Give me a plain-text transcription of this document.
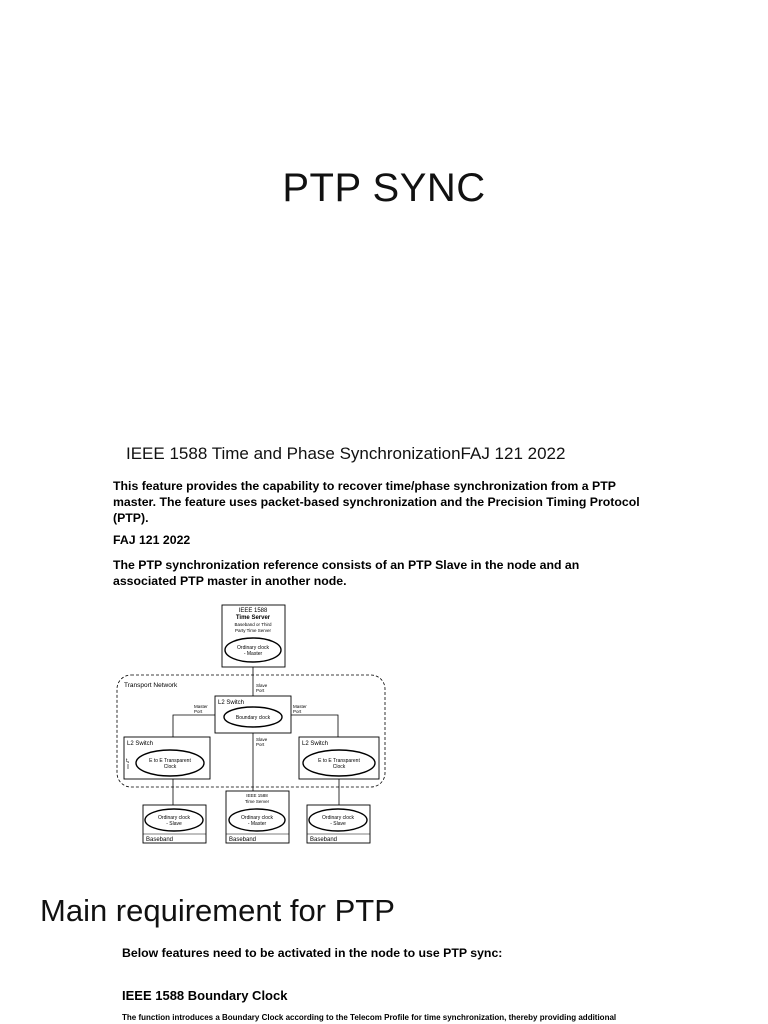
PTP SYNC
IEEE 1588 Time and Phase SynchronizationFAJ 121 2022
This feature provides the capability to recover time/phase synchronization from a PTP master. The feature uses packet-based synchronization and the Precision Timing Protocol (PTP).
FAJ 121 2022
The PTP synchronization reference consists of an PTP Slave in the node and an associated PTP master in another node.
Transport Network
IEEE 1588
Time Server
Baseband or Third
Party Time Server
Ordinary clock
- Master
Slave
Port
L2 Switch
Boundary clock
Master
Port
Master
Port
Slave
Port
L2 Switch
$t_s$	E to E Transparent
Clock
L2 Switch
E to E Transparent
Clock
Ordinary clock
- Slave
Baseband
IEEE 1588
Time Server
Ordinary clock
- Master
Baseband
Ordinary clock
- Slave
Baseband
Main requirement for PTP
Below features need to be activated in the node to use PTP sync:
IEEE 1588 Boundary Clock
The function introduces a Boundary Clock according to the Telecom Profile for time synchronization, thereby providing additional
